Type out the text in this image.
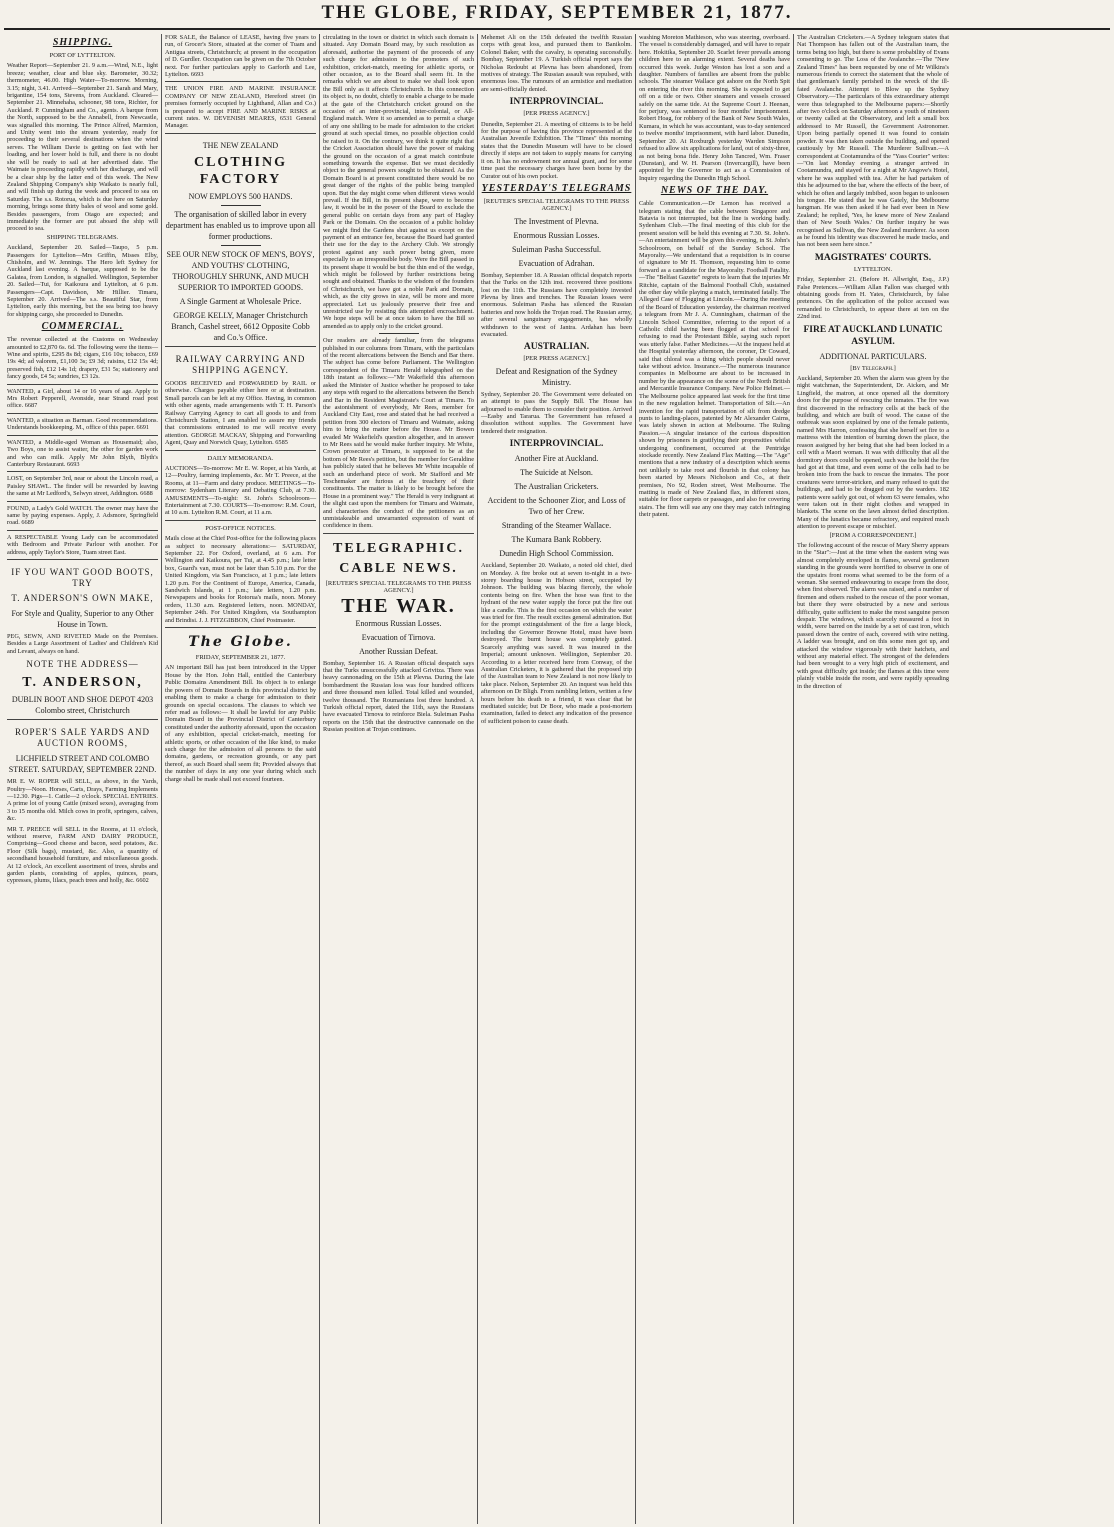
THE GLOBE, FRIDAY, SEPTEMBER 21, 1877.
SHIPPING.
PORT OF LYTTELTON.
Weather Report—September 21. 9 a.m.—Wind, N.E., light breeze; weather, clear and blue sky. Barometer, 30.32; thermometer, 46.00. High Water—To-morrow. Morning, 3.15; night, 3.41. Arrived—September 21. Sarah and Mary, brigantine, 154 tons, Stevens, from Auckland. Cleared—September 21. Minnehaha, schooner, 98 tons, Richter, for Auckland. P. Cunningham and Co., agents. A barque from the North, supposed to be the Annabell, from Newcastle, was signalled this morning. The Prince Alfred, Marmion, and Unity went into the stream yesterday, ready for proceeding to their several destinations when the wind serves. The William Davie is getting on fast with her loading, and her lower hold is full, and there is no doubt she will be ready to sail at her advertised date. The Waimate is proceeding rapidly with her discharge, and will be a clear ship by the latter end of this week. The New Zealand Shipping Company's ship Waikato is nearly full, and will finish up during the week and proceed to sea on Saturday. The s.s. Rotorua, which is due here on Saturday morning, brings some thirty bales of wool and some gold. Besides passengers, from Otago are expected; and immediately the former are put aboard the ship will proceed to sea.
SHIPPING TELEGRAMS.
Auckland, September 20. Sailed—Taupo, 5 p.m. Passengers for Lyttelton—Mrs Griffin, Misses Elby, Chisholm, and W. Jennings. The Hero left Sydney for Auckland last evening. A barque, supposed to be the Galatea, from London, is signalled. Wellington, September 20. Sailed—Tui, for Kaikoura and Lyttelton, at 6 p.m. Passengers—Capt. Davidson, Mr Hillier. Timaru, September 20. Arrived—The s.s. Beautiful Star, from Lyttelton, early this morning, but the sea being too heavy for shipping cargo, she proceeded to Dunedin.
COMMERCIAL.
The revenue collected at the Customs on Wednesday amounted to £2,870 6s. 6d. The following were the items—Wine and spirits, £295 8s 8d; cigars, £16 10s; tobacco, £69 19s 4d; ad valorem, £1,100 3s; £9 3d; raisins, £12 15s 4d; preserved fish, £12 14s 1d; drapery, £31 5s; stationery and fancy goods, £4 5s; sundries, £3 12s.
WANTED, a Girl, about 14 or 16 years of age. Apply to Mrs Robert Pepperell, Avonside, near Strand road post office. 6687
WANTED, a situation as Barman. Good recommendations. Understands bookkeeping. M., office of this paper. 6691
WANTED, a Middle-aged Woman as Housemaid; also, Two Boys, one to assist waiter, the other for garden work and who can milk. Apply Mr John Blyth, Blyth's Canterbury Restaurant. 6693
LOST, on September 3rd, near or about the Lincoln road, a Paisley SHAWL. The finder will be rewarded by leaving the same at Mr Ledford's, Selwyn street, Addington. 6688
FOUND, a Lady's Gold WATCH. The owner may have the same by paying expenses. Apply, J. Adsmore, Springfield road. 6689
A RESPECTABLE Young Lady can be accommodated with Bedroom and Private Parlour with another. For address, apply Taylor's Store, Tuam street East.
IF YOU WANT GOOD BOOTS, TRY
T. ANDERSON'S OWN MAKE,
For Style and Quality, Superior to any Other House in Town.
PEG, SEWN, AND RIVETED Made on the Premises. Besides a Large Assortment of Ladies' and Children's Kid and Levant, always on hand.
NOTE THE ADDRESS—
T. ANDERSON,
DUBLIN BOOT AND SHOE DEPOT 4203 Colombo street, Christchurch
ROPER'S SALE YARDS AND AUCTION ROOMS,
LICHFIELD STREET AND COLOMBO STREET. SATURDAY, SEPTEMBER 22ND.
MR E. W. ROPER will SELL, as above, in the Yards, Poultry—Noon. Horses, Carts, Drays, Farming Implements—12.30. Pigs—1. Cattle—2 o'clock. SPECIAL ENTRIES. A prime lot of young Cattle (mixed sexes), averaging from 3 to 15 months old. Milch cows in profit, springers, calves, &c.
MR T. PREECE will SELL in the Rooms, at 11 o'clock, without reserve, FARM AND DAIRY PRODUCE, Comprising—Good cheese and bacon, seed potatoes, &c. Floor (Silk bags), mustard, &c. Also, a quantity of secondhand household furniture, and miscellaneous goods. At 12 o'clock, An excellent assortment of trees, shrubs and garden plants, consisting of apples, quinces, pears, cypresses, plums, lilacs, peach trees and holly, &c. 6602
FOR SALE, the Balance of LEASE, having five years to run, of Grocer's Store, situated at the corner of Tuam and Antigua streets, Christchurch; at present in the occupation of D. Gurdler. Occupation can be given on the 7th October next. For further particulars apply to Garforth and Lee, Lyttelton. 6693
THE UNION FIRE AND MARINE INSURANCE COMPANY OF NEW ZEALAND, Hereford street (in premises formerly occupied by Lighthand, Allan and Co.) is prepared to accept FIRE AND MARINE RISKS at current rates. W. DEVENISH MEARES, 6531 General Manager.
THE NEW ZEALAND
CLOTHING FACTORY
NOW EMPLOYS 500 HANDS.
The organisation of skilled labor in every department has enabled us to improve upon all former productions.
SEE OUR NEW STOCK OF MEN'S, BOYS', AND YOUTHS' CLOTHING, THOROUGHLY SHRUNK, AND MUCH SUPERIOR TO IMPORTED GOODS.
A Single Garment at Wholesale Price.
GEORGE KELLY, Manager Christchurch Branch, Cashel street, 6612 Opposite Cobb and Co.'s Office.
RAILWAY CARRYING AND SHIPPING AGENCY.
GOODS RECEIVED and FORWARDED by RAIL or otherwise. Charges payable either here or at destination. Small parcels can be left at my Office. Having, in common with other agents, made arrangements with T. H. Parson's Railway Carrying Agency to cart all goods to and from Christchurch Station, I am enabled to assure my friends that commissions entrusted to me will receive every attention. GEORGE MACKAY, Shipping and Forwarding Agent, Quay and Norwich Quay, Lyttelton. 6585
DAILY MEMORANDA.
AUCTIONS—To-morrow: Mr E. W. Roper, at his Yards, at 12—Poultry, farming implements, &c. Mr T. Preece, at the Rooms, at 11—Farm and dairy produce. MEETINGS—To-morrow: Sydenham Literary and Debating Club, at 7.30. AMUSEMENTS—To-night: St. John's Schoolroom—Entertainment at 7.30. COURTS—To-morrow: R.M. Court, at 10 a.m. Lyttelton R.M. Court, at 11 a.m.
POST-OFFICE NOTICES.
Mails close at the Chief Post-office for the following places as subject to necessary alterations:— SATURDAY, September 22. For Oxford, overland, at 6 a.m. For Wellington and Kaikoura, per Tui, at 4.45 p.m.; late letter box, Guard's van, must not be later than 5.10 p.m. For the United Kingdom, via San Francisco, at 1 p.m.; late letters 1.20 p.m. For the Continent of Europe, America, Canada, Sandwich Islands, at 1 p.m.; late letters, 1.20 p.m. Newspapers and books for Rotorua's mails, noon. Money orders, 11.30 a.m. Registered letters, noon. MONDAY, September 24th. For United Kingdom, via Southampton and Brindisi. J. J. FITZGIBBON, Chief Postmaster.
The Globe.
FRIDAY, SEPTEMBER 21, 1877.
AN important Bill has just been introduced in the Upper House by the Hon. John Hall, entitled the Canterbury Public Domains Amendment Bill. Its object is to enlarge the powers of Domain Boards in this provincial district by enabling them to make a charge for admission to their grounds on special occasions. The clauses to which we refer read as follows:— It shall be lawful for any Public Domain Board in the Provincial District of Canterbury constituted under the authority aforesaid, upon the occasion of any exhibition, special cricket-match, meeting for athletic sports, or other occasion of the like kind, to make such charge for the admission of all persons to the said domains, gardens, or recreation grounds, or any part thereof, as such Board shall seem fit; Provided always that the number of days in any one year during which such charge shall be made shall not exceed fourteen.
circulating in the town or district in which such domain is situated. Any Domain Board may, by such resolution as aforesaid, authorise the payment of the proceeds of any such charge for admission to the promoters of such exhibition, cricket-match, meeting for athletic sports, or other occasion, as to the Board shall seem fit. In the remarks which we are about to make we shall look upon the Bill only as it affects Christchurch. In this connection its object is, no doubt, chiefly to enable a charge to be made at the gate of the Christchurch cricket ground on the occasion of an inter-provincial, inter-colonial, or All-England match. Were it so amended as to permit a charge of any one shilling to be made for admission to the cricket ground at such special times, no possible objection could be raised to it. On the contrary, we think it quite right that the Cricket Association should have the power of making the ground on the occasion of a great match contribute something towards the expense. But we must decidedly object to the general powers sought to be obtained. As the Domain Board is at present constituted there would be no great danger of the rights of the public being trampled upon. But the day might come when different views would prevail. If the Bill, in its present shape, were to become law, it would be in the power of the Board to exclude the general public on certain days from any part of Hagley Park or the Domain. On the occasion of a public holiday we might find the Gardens shut against us except on the payment of an entrance fee, because the Board had granted their use for the day to the Archery Club. We strongly protest against any such power being given, more especially to an irresponsible body. Were the Bill passed in its present shape it would be but the thin end of the wedge, which might be followed by further restrictions being sought and obtained. Thanks to the wisdom of the founders of Christchurch, we have got a noble Park and Domain, which, as the city grows in size, will be more and more appreciated. Let us jealously preserve their free and unrestricted use by resisting this attempted encroachment. We hope steps will be at once taken to have the Bill so amended as to apply only to the cricket ground.
Our readers are already familiar, from the telegrams published in our columns from Timaru, with the particulars of the recent altercations between the Bench and Bar there. The subject has come before Parliament. The Wellington correspondent of the Timaru Herald telegraphed on the 18th instant as follows:—"Mr Wakefield this afternoon asked the Minister of Justice whether he proposed to take any steps with regard to the altercations between the Bench and Bar in the Resident Magistrate's Court at Timaru. To the astonishment of everybody, Mr Rees, member for Auckland City East, rose and stated that he had received a petition from 300 electors of Timaru and Waimate, asking him to bring the matter before the House. Mr Bowen evaded Mr Wakefield's question altogether, and in answer to Mr Rees said he would make further inquiry. Mr White, Crown prosecutor at Timaru, is supposed to be at the bottom of Mr Rees's petition, but the member for Geraldine has publicly stated that he believes Mr White incapable of such an underhand piece of work. Mr Stafford and Mr Teschemaker are furious at the treachery of their constituents. The matter is likely to be brought before the House in a prominent way." The Herald is very indignant at the slight cast upon the members for Timaru and Waimate, and characterises the conduct of the petitioners as an unmistakeable and unwarranted expression of want of confidence in them.
TELEGRAPHIC.
CABLE NEWS.
[REUTER'S SPECIAL TELEGRAMS TO THE PRESS AGENCY.]
THE WAR.
Enormous Russian Losses.
Evacuation of Tirnova.
Another Russian Defeat.
Bombay, September 16. A Russian official despatch says that the Turks unsuccessfully attacked Grivitza. There was heavy cannonading on the 15th at Plevna. During the late bombardment the Russian loss was four hundred officers and three thousand men killed. Total killed and wounded, twelve thousand. The Roumanians lost three hundred. A Turkish official report, dated the 11th, says the Russians have evacuated Tirnova to reinforce Biela. Suleiman Pasha reports on the 15th that the destructive cannonade on the Russian position at Trojan continues.
Mehemet Ali on the 15th defeated the twelfth Russian corps with great loss, and pursued them to Banikolm. Colonel Baker, with the cavalry, is operating successfully. Bombay, September 19. A Turkish official report says the Nicholas Redoubt at Plevna has been abandoned, from motives of strategy. The Russian assault was repulsed, with enormous loss. The rumours of an armistice and mediation are semi-officially denied.
INTERPROVINCIAL.
[PER PRESS AGENCY.]
Dunedin, September 21. A meeting of citizens is to be held for the purpose of having this province represented at the Australian Juvenile Exhibition. The "Times" this morning states that the Dunedin Museum will have to be closed directly if steps are not taken to supply means for carrying it on. It has no endowment nor annual grant, and for some time past the necessary charges have been borne by the Curator out of his own pocket.
YESTERDAY'S TELEGRAMS
[REUTER'S SPECIAL TELEGRAMS TO THE PRESS AGENCY.]
The Investment of Plevna.
Enormous Russian Losses.
Suleiman Pasha Successful.
Evacuation of Adrahan.
Bombay, September 18. A Russian official despatch reports that the Turks on the 12th inst. recovered three positions lost on the 11th. The Russians have completely invested Plevna by lines and trenches. The Russian losses were enormous. Suleiman Pasha has silenced the Russian batteries and now holds the Trojan road. The Russian army, after several sanguinary engagements, has wholly withdrawn to the west of Jantra. Ardahan has been evacuated.
AUSTRALIAN.
[PER PRESS AGENCY.]
Defeat and Resignation of the Sydney Ministry.
Sydney, September 20. The Government were defeated on an attempt to pass the Supply Bill. The House has adjourned to enable them to consider their position. Arrived—Easby and Tararua. The Government has refused a dissolution without supplies. The Government have tendered their resignation.
INTERPROVINCIAL.
Another Fire at Auckland.
The Suicide at Nelson.
The Australian Cricketers.
Accident to the Schooner Zior, and Loss of Two of her Crew.
Stranding of the Steamer Wallace.
The Kumara Bank Robbery.
Dunedin High School Commission.
Auckland, September 20. Waikato, a noted old chief, died on Monday. A fire broke out at seven to-night in a two-storey boarding house in Hobson street, occupied by Johnson. The building was blazing fiercely, the whole contents being on fire. When the hose was first to the hydrant of the new water supply the force put the fire out like a candle. This is the first occasion on which the water was tried for fire. The result excites general admiration. But for the prompt extinguishment of the fire a large block, including the Governor Browne Hotel, must have been destroyed. The burnt house was completely gutted. Scarcely anything was saved. It was insured in the Imperial; amount unknown. Wellington, September 20. According to a letter received here from Conway, of the Australian Cricketers, it is gathered that the proposed trip of the Australian team to New Zealand is not now likely to take place. Nelson, September 20. An inquest was held this afternoon on Dr Bligh. From rambling letters, written a few hours before his death to a friend, it was clear that he meditated suicide; but Dr Boor, who made a post-mortem examination, failed to detect any indication of the presence of sufficient poison to cause death.
washing Moreton Mathieson, who was steering, overboard. The vessel is considerably damaged, and will have to repair here. Hokitika, September 20. Scarlet fever prevails among children here to an alarming extent. Several deaths have occurred this week. Judge Weston has lost a son and a daughter. Numbers of families are absent from the public schools. The steamer Wallace got ashore on the North Spit on entering the river this morning. She is expected to get off on a tide or two. Other steamers and vessels crossed safely on the same tide. At the Supreme Court J. Heenan, for perjury, was sentenced to four months' imprisonment. Robert Hoag, for robbery of the Bank of New South Wales, Kumara, in which he was accountant, was to-day sentenced to twelve months' imprisonment, with hard labor. Dunedin, September 20. At Roxburgh yesterday Warden Simpson refused to allow six applications for land, out of sixty-three, as not being bona fide. Henry John Tancred, Wm. Fraser (Dunstan), and W. H. Pearson (Invercargill), have been appointed by the Governor to act as a Commission of Inquiry regarding the Dunedin High School.
NEWS OF THE DAY.
Cable Communication.—Dr Lemon has received a telegram stating that the cable between Singapore and Batavia is not interrupted, but the line is working badly. Sydenham Club.—The final meeting of this club for the present session will be held this evening at 7.30. St. John's.—An entertainment will be given this evening, in St. John's Schoolroom, on behalf of the Sunday School. The Mayoralty.—We understand that a requisition is in course of signature to Mr H. Thomson, requesting him to come forward as a candidate for the Mayoralty. Football Fatality.—The "Belfast Gazette" regrets to learn that the injuries Mr Ritchie, captain of the Balmoral Football Club, sustained the other day while playing a match, terminated fatally. The Alleged Case of Flogging at Lincoln.—During the meeting of the Board of Education yesterday, the chairman received a telegram from Mr J. A. Cunningham, chairman of the Lincoln School Committee, referring to the report of a Catholic child having been flogged at that school for refusing to read the Protestant Bible, saying such report was utterly false. Father Medicines.—At the inquest held at the Hospital yesterday afternoon, the coroner, Dr Coward, said that chloral was a thing which people should never take without advice. Insurance.—The numerous insurance companies in Melbourne are about to be increased in number by the appearance on the scene of the North British and Mercantile Insurance Company. New Police Helmet.—The Melbourne police appeared last week for the first time in the new regulation helmet. Transportation of Silt.—An invention for the rapid transportation of silt from dredge punts to landing-places, patented by Mr Alexander Cairns, was lately shown in action at Melbourne. The Ruling Passion.—A singular instance of the curious disposition shown by prisoners in gratifying their propensities whilst undergoing confinement, occurred at the Pentridge stockade recently. New Zealand Flax Matting.—The "Age" mentions that a new industry of a description which seems not unlikely to take root and flourish in that colony has been started by Messrs Nicholson and Co., at their premises, No 92, Roden street, West Melbourne. The matting is made of New Zealand flax, in different sizes, suitable for floor carpets or passages, and also for covering stairs. The firm will sue any one they may catch infringing their patent.
The Australian Cricketers.—A Sydney telegram states that Nat Thompson has fallen out of the Australian team, the terms being too high, but there is some probability of Evans consenting to go. The Loss of the Avalanche.—The "New Zealand Times" has been requested by one of Mr Wilkins's numerous friends to correct the statement that the whole of that gentleman's family perished in the wreck of the ill-fated Avalanche. Attempt to Blow up the Sydney Observatory.—The particulars of this extraordinary attempt were thus telegraphed to the Melbourne papers:—Shortly after two o'clock on Saturday afternoon a youth of nineteen or twenty called at the Observatory, and left a small box addressed to Mr Russell, the Government Astronomer. Upon being partially opened it was found to contain powder. It was then taken outside the building, and opened cautiously by Mr Russell. The Murderer Sullivan.—A correspondent at Cootamundra of the "Yass Courier" writes:—"On last Monday evening a stranger arrived in Cootamundra, and stayed for a night at Mr Angove's Hotel, where he was supplied with tea. After he had partaken of this he adjourned to the bar, where the effects of the beer, of which he often and largely imbibed, soon began to unloosen his tongue. He stated that he was Gately, the Melbourne hangman. He was then asked if he had ever been in New Zealand; he replied, 'Yes, he knew more of New Zealand than of New South Wales.' On further inquiry he was recognised as Sullivan, the New Zealand murderer. As soon as he found his identity was discovered he made tracks, and has not been seen here since."
MAGISTRATES' COURTS.
LYTTELTON.
Friday, September 21. (Before H. Allwright, Esq., J.P.) False Pretences.—William Allan Fallon was charged with obtaining goods from H. Yates, Christchurch, by false pretences. On the application of the police accused was remanded to Christchurch, to appear there at ten on the 22nd inst.
FIRE AT AUCKLAND LUNATIC ASYLUM.
ADDITIONAL PARTICULARS.
[By Telegraph.]
Auckland, September 20. When the alarm was given by the night watchman, the Superintendent, Dr. Aicken, and Mr Lingfield, the matron, at once opened all the dormitory doors for the purpose of rescuing the inmates. The fire was first discovered in the refractory cells at the back of the building, and which are built of wood. The cause of the outbreak was soon explained by one of the female patients, named Mrs Harron, confessing that she herself set fire to a mattress with the intention of burning down the place, the reason assigned by her being that she had been locked in a cell with a Maori woman. It was with difficulty that all the dormitory doors could be opened, such was the hold the fire had got at that time, and even some of the cells had to be broken into from the back to rescue the inmates. The poor creatures were terror-stricken, and many refused to quit the buildings, and had to be dragged out by the warders. 182 patients were safely got out, of whom 63 were females, who were taken out in their night clothes and wrapped in blankets. The scene on the lawn almost defied description. Many of the lunatics became refractory, and required much attention to prevent escape or mischief.
[FROM A CORRESPONDENT.]
The following account of the rescue of Mary Sherry appears in the "Star":—Just at the time when the eastern wing was almost completely enveloped in flames, several gentlemen standing in the grounds were horrified to observe in one of the upstairs front rooms what seemed to be the form of a woman. She seemed endeavouring to escape from the door, when first observed. The alarm was raised, and a number of firemen and others rushed to the rescue of the poor woman, but there they were obstructed by a new and serious difficulty, quite sufficient to make the most sanguine person despair. The windows, which scarcely measured a foot in width, were barred on the inside by a set of cast iron, which passed down the centre of each, covered with wire netting. A ladder was brought, and on this some men got up, and attacked the window vigorously with their hatchets, and without any material effect. The strongest of the defenders had been wrought to a very high pitch of excitement, and with great difficulty got inside; the flames at this time were plainly visible inside the room, and were rapidly spreading in the direction of
